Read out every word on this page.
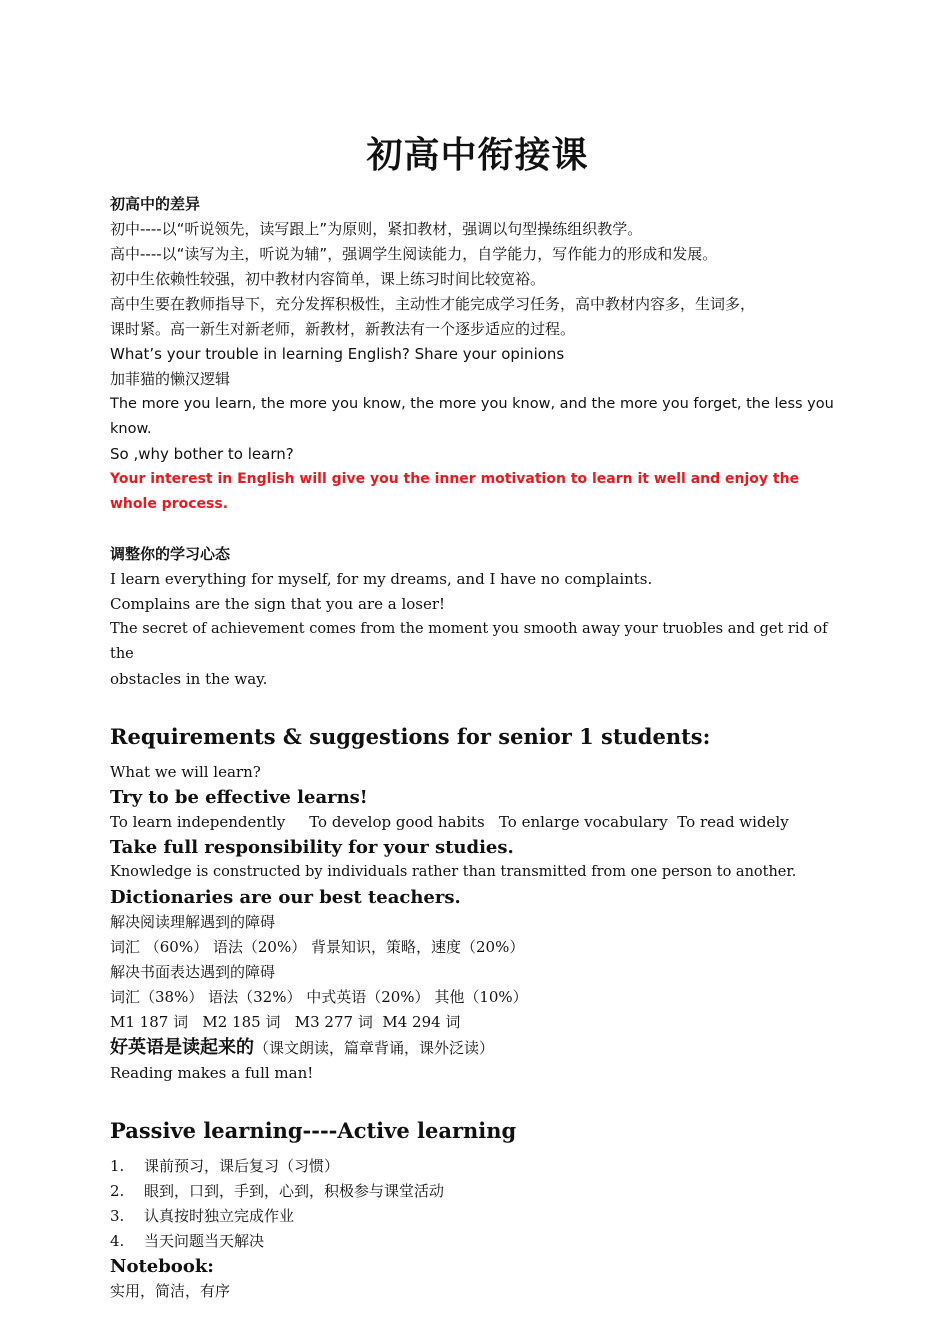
初高中衔接课

初高中的差异

初中----以“听说领先，读写跟上”为原则，紧扣教材，强调以句型操练组织教学。

高中----以“读写为主，听说为辅”，强调学生阅读能力，自学能力，写作能力的形成和发展。

初中生依赖性较强，初中教材内容简单，课上练习时间比较宽裕。

高中生要在教师指导下，充分发挥积极性，主动性才能完成学习任务，高中教材内容多，生词多，

课时紧。高一新生对新老师，新教材，新教法有一个逐步适应的过程。

What’s your trouble in learning English? Share your opinions

加菲猫的懒汉逻辑

The more you learn, the more you know, the more you know, and the more you forget, the less you know.

So ,why bother to learn?

Your interest in English will give you the inner motivation to learn it well and enjoy the whole process.

调整你的学习心态

I learn everything for myself, for my dreams, and I have no complaints.

Complains are the sign that you are a loser!

The secret of achievement comes from the moment you smooth away your truobles and get rid of the

obstacles in the way.

Requirements & suggestions for senior 1 students:

What we will learn?

Try to be effective learns!

To learn independently     To develop good habits   To enlarge vocabulary  To read widely

Take full responsibility for your studies.

Knowledge is constructed by individuals rather than transmitted from one person to another.

Dictionaries are our best teachers.

解决阅读理解遇到的障碍

词汇 （60%） 语法（20%） 背景知识，策略，速度（20%）

解决书面表达遇到的障碍

词汇（38%） 语法（32%） 中式英语（20%） 其他（10%）

M1 187 词   M2 185 词   M3 277 词  M4 294 词

好英语是读起来的（课文朗读，篇章背诵，课外泛读）

Reading makes a full man!

Passive learning----Active learning

1. 课前预习，课后复习（习惯）
2. 眼到，口到，手到，心到，积极参与课堂活动
3. 认真按时独立完成作业
4. 当天问题当天解决

Notebook:

实用，简洁，有序
